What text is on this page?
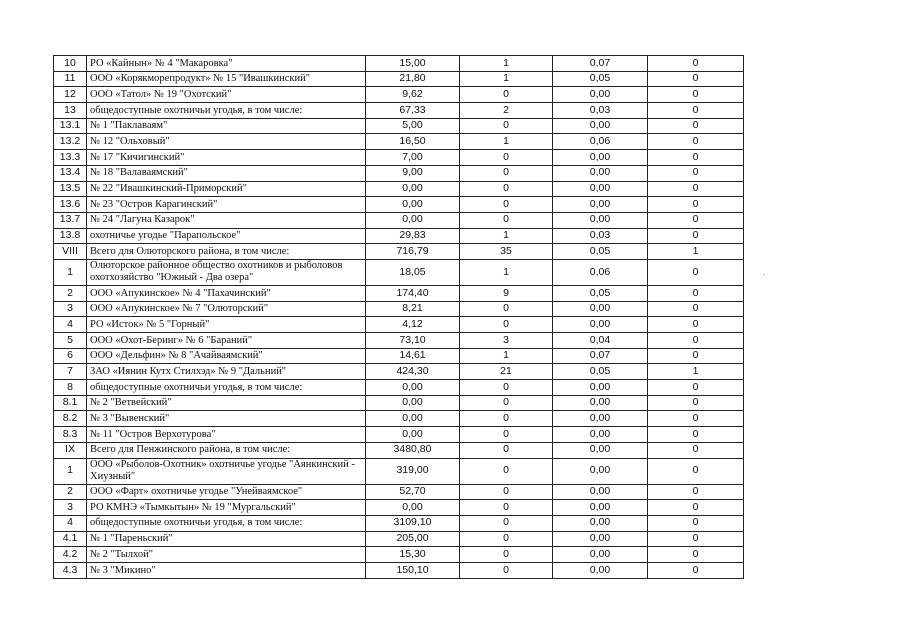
10	РО «Кайнын» № 4 "Макаровка"	15,00	1	0,07	0
11	ООО «Корякморепродукт» № 15 "Ивашкинский"	21,80	1	0,05	0
12	ООО «Татол» № 19 "Охотский"	9,62	0	0,00	0
13	общедоступные охотничьи угодья, в том числе:	67,33	2	0,03	0
13.1	№ 1 "Паклаваям"	5,00	0	0,00	0
13.2	№ 12 "Ольховый"	16,50	1	0,06	0
13.3	№ 17 "Кичигинский"	7,00	0	0,00	0
13.4	№ 18 "Валаваямский"	9,00	0	0,00	0
13.5	№ 22 "Ивашкинский-Приморский"	0,00	0	0,00	0
13.6	№ 23 "Остров Карагинский"	0,00	0	0,00	0
13.7	№ 24 "Лагуна Казарок"	0,00	0	0,00	0
13.8	охотничье угодье "Парапольское"	29,83	1	0,03	0
VIII	Всего для Олюторского района, в том числе:	716,79	35	0,05	1
1	Олюторское районное общество охотников и рыболовов охотхозяйство "Южный - Два озера"	18,05	1	0,06	0
2	ООО «Апукинское» № 4 "Пахачинский"	174,40	9	0,05	0
3	ООО «Апукинское» № 7 "Олюторский"	8,21	0	0,00	0
4	РО «Исток» № 5 "Горный"	4,12	0	0,00	0
5	ООО «Охот-Беринг» № 6 "Бараний"	73,10	3	0,04	0
6	ООО «Дельфин» № 8 "Ачайваямский"	14,61	1	0,07	0
7	ЗАО «Иянин Кутх Стилхэд» № 9 "Дальний"	424,30	21	0,05	1
8	общедоступные охотничьи угодья, в том числе:	0,00	0	0,00	0
8.1	№ 2 "Ветвейский"	0,00	0	0,00	0
8.2	№ 3 "Вывенский"	0,00	0	0,00	0
8.3	№ 11 "Остров Верхотурова"	0,00	0	0,00	0
IX	Всего для Пенжинского района, в том числе:	3480,80	0	0,00	0
1	ООО «Рыболов-Охотник» охотничье угодье "Аянкинский - Хиузный"	319,00	0	0,00	0
2	ООО «Фарт» охотничье угодье "Унейваямское"	52,70	0	0,00	0
3	РО КМНЭ «Тымкытын» № 19 "Мургальский"	0,00	0	0,00	0
4	общедоступные охотничьи угодья, в том числе:	3109,10	0	0,00	0
4.1	№ 1 "Пареньский"	205,00	0	0,00	0
4.2	№ 2 "Тылхой"	15,30	0	0,00	0
4.3	№ 3 "Микино"	150,10	0	0,00	0
.
